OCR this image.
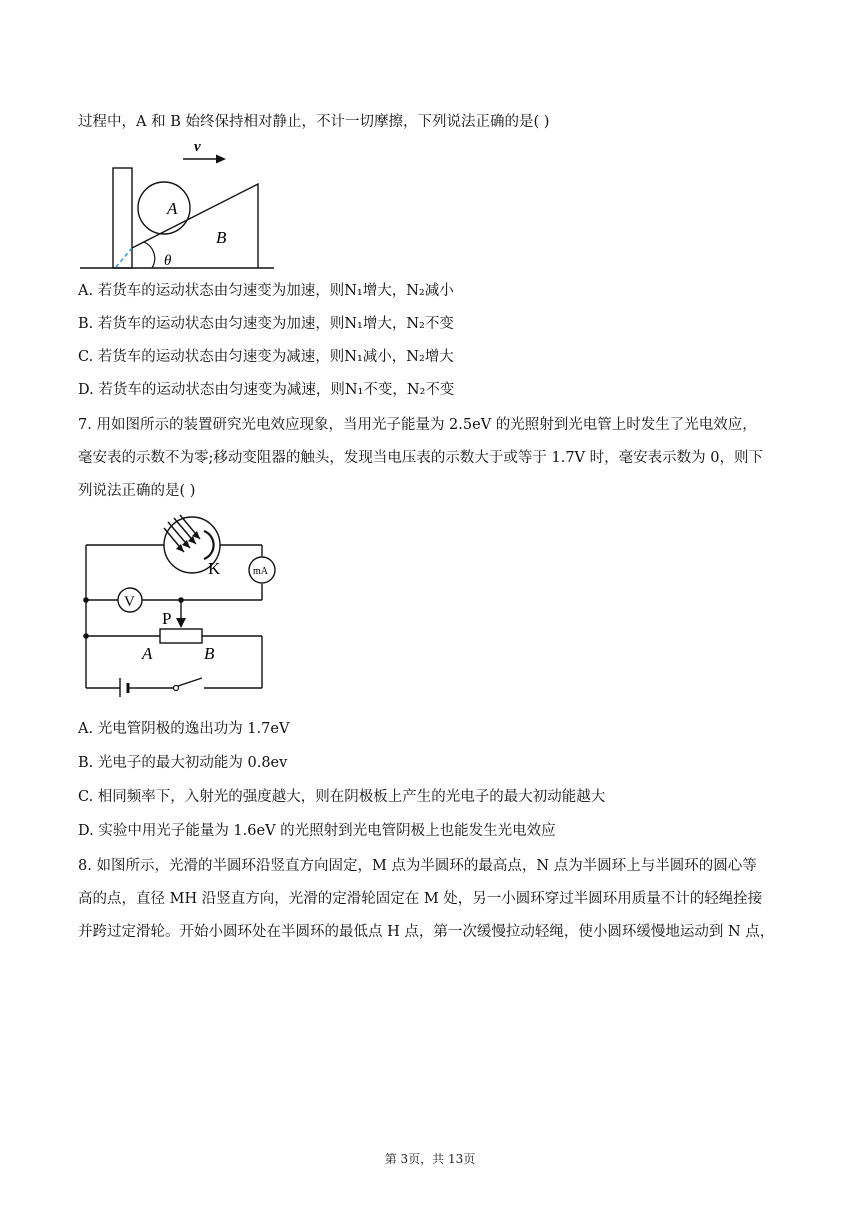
过程中，A 和 B 始终保持相对静止，不计一切摩擦，下列说法正确的是( )
v
A
B
θ
A. 若货车的运动状态由匀速变为加速，则N₁增大，N₂减小
B. 若货车的运动状态由匀速变为加速，则N₁增大，N₂不变
C. 若货车的运动状态由匀速变为减速，则N₁减小，N₂增大
D. 若货车的运动状态由匀速变为减速，则N₁不变，N₂不变
7. 用如图所示的装置研究光电效应现象，当用光子能量为 2.5eV 的光照射到光电管上时发生了光电效应，
毫安表的示数不为零;移动变阻器的触头，发现当电压表的示数大于或等于 1.7V 时，毫安表示数为 0，则下
列说法正确的是( )
V
mA
K
P
A	B
A. 光电管阴极的逸出功为 1.7eV
B. 光电子的最大初动能为 0.8ev
C. 相同频率下，入射光的强度越大，则在阴极板上产生的光电子的最大初动能越大
D. 实验中用光子能量为 1.6eV 的光照射到光电管阴极上也能发生光电效应
8. 如图所示，光滑的半圆环沿竖直方向固定，M 点为半圆环的最高点，N 点为半圆环上与半圆环的圆心等
高的点，直径 MH 沿竖直方向，光滑的定滑轮固定在 M 处，另一小圆环穿过半圆环用质量不计的轻绳拴接
并跨过定滑轮。开始小圆环处在半圆环的最低点 H 点，第一次缓慢拉动轻绳，使小圆环缓慢地运动到 N 点，
第 3页，共 13页
